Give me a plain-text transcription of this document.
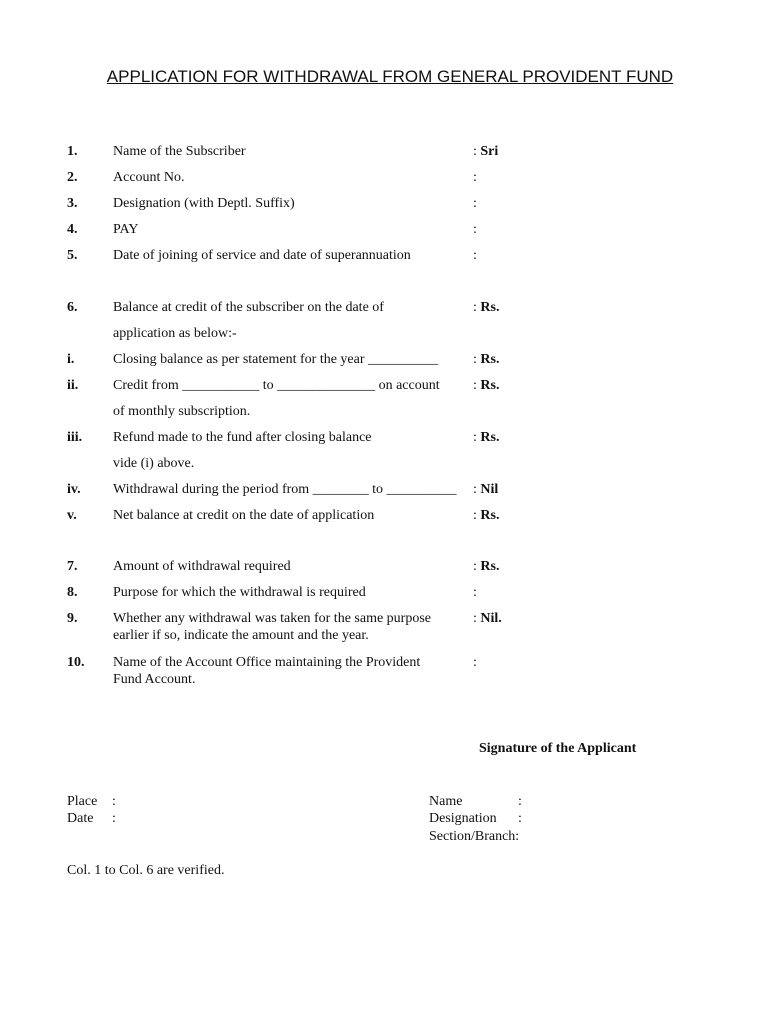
APPLICATION FOR WITHDRAWAL FROM GENERAL PROVIDENT FUND
1.	Name of the Subscriber	: Sri
2.	Account No.	:
3.	Designation (with Deptl. Suffix)	:
4.	PAY	:
5.	Date of joining of service and date of superannuation	:
6.	Balance at credit of the subscriber on the date of	: Rs.
application as below:-
i.	Closing balance as per statement for the year __________ : Rs.
ii. Credit from ___________ to ______________ on account : Rs.
of monthly subscription.
iii. Refund made to the fund after closing balance	: Rs.
vide (i) above.
iv. Withdrawal during the period from ________ to __________ : Nil
v.	Net balance at credit on the date of application	: Rs.
7.	Amount of withdrawal required	: Rs.
8.	Purpose for which the withdrawal is required	:
9.	Whether any withdrawal was taken for the same purpose	: Nil.
earlier if so, indicate the amount and the year.
10. Name of the Account Office maintaining the Provident	:
Fund Account.
Signature of the Applicant
Place :
Date :
Name	:
Designation :
Section/Branch:
Col. 1 to Col. 6 are verified.
